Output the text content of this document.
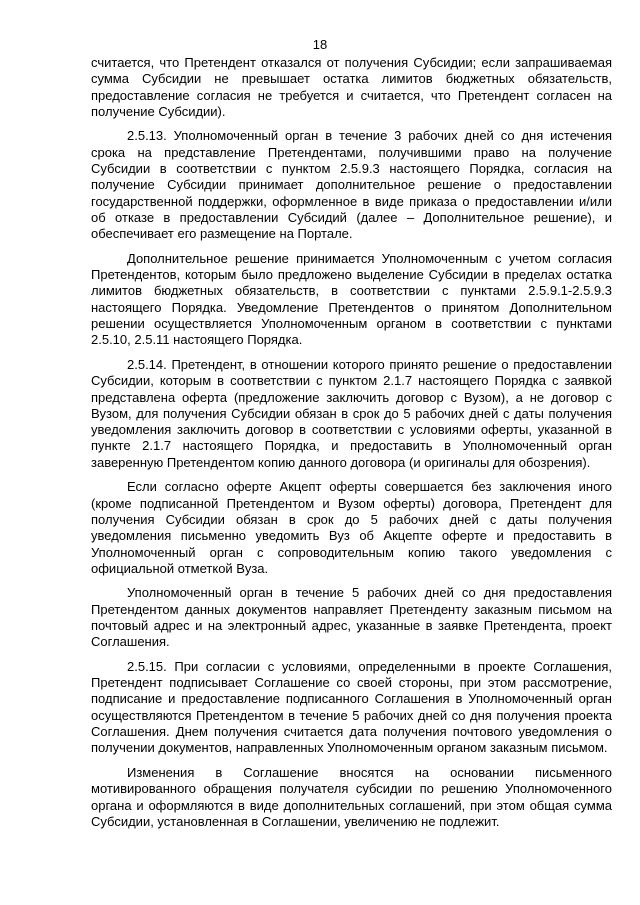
18

считается, что Претендент отказался от получения Субсидии; если запрашиваемая сумма Субсидии не превышает остатка лимитов бюджетных обязательств, предоставление согласия не требуется и считается, что Претендент согласен на получение Субсидии).

2.5.13. Уполномоченный орган в течение 3 рабочих дней со дня истечения срока на представление Претендентами, получившими право на получение Субсидии в соответствии с пунктом 2.5.9.3 настоящего Порядка, согласия на получение Субсидии принимает дополнительное решение о предоставлении государственной поддержки, оформленное в виде приказа о предоставлении и/или об отказе в предоставлении Субсидий (далее – Дополнительное решение), и обеспечивает его размещение на Портале.

Дополнительное решение принимается Уполномоченным с учетом согласия Претендентов, которым было предложено выделение Субсидии в пределах остатка лимитов бюджетных обязательств, в соответствии с пунктами 2.5.9.1-2.5.9.3 настоящего Порядка. Уведомление Претендентов о принятом Дополнительном решении осуществляется Уполномоченным органом в соответствии с пунктами 2.5.10, 2.5.11 настоящего Порядка.

2.5.14. Претендент, в отношении которого принято решение о предоставлении Субсидии, которым в соответствии с пунктом 2.1.7 настоящего Порядка с заявкой представлена оферта (предложение заключить договор с Вузом), а не договор с Вузом, для получения Субсидии обязан в срок до 5 рабочих дней с даты получения уведомления заключить договор в соответствии с условиями оферты, указанной в пункте 2.1.7 настоящего Порядка, и предоставить в Уполномоченный орган заверенную Претендентом копию данного договора (и оригиналы для обозрения).

Если согласно оферте Акцепт оферты совершается без заключения иного (кроме подписанной Претендентом и Вузом оферты) договора, Претендент для получения Субсидии обязан в срок до 5 рабочих дней с даты получения уведомления письменно уведомить Вуз об Акцепте оферте и предоставить в Уполномоченный орган с сопроводительным копию такого уведомления с официальной отметкой Вуза.

Уполномоченный орган в течение 5 рабочих дней со дня предоставления Претендентом данных документов направляет Претенденту заказным письмом на почтовый адрес и на электронный адрес, указанные в заявке Претендента, проект Соглашения.

2.5.15. При согласии с условиями, определенными в проекте Соглашения, Претендент подписывает Соглашение со своей стороны, при этом рассмотрение, подписание и предоставление подписанного Соглашения в Уполномоченный орган осуществляются Претендентом в течение 5 рабочих дней со дня получения проекта Соглашения. Днем получения считается дата получения почтового уведомления о получении документов, направленных Уполномоченным органом заказным письмом.

Изменения в Соглашение вносятся на основании письменного мотивированного обращения получателя субсидии по решению Уполномоченного органа и оформляются в виде дополнительных соглашений, при этом общая сумма Субсидии, установленная в Соглашении, увеличению не подлежит.
